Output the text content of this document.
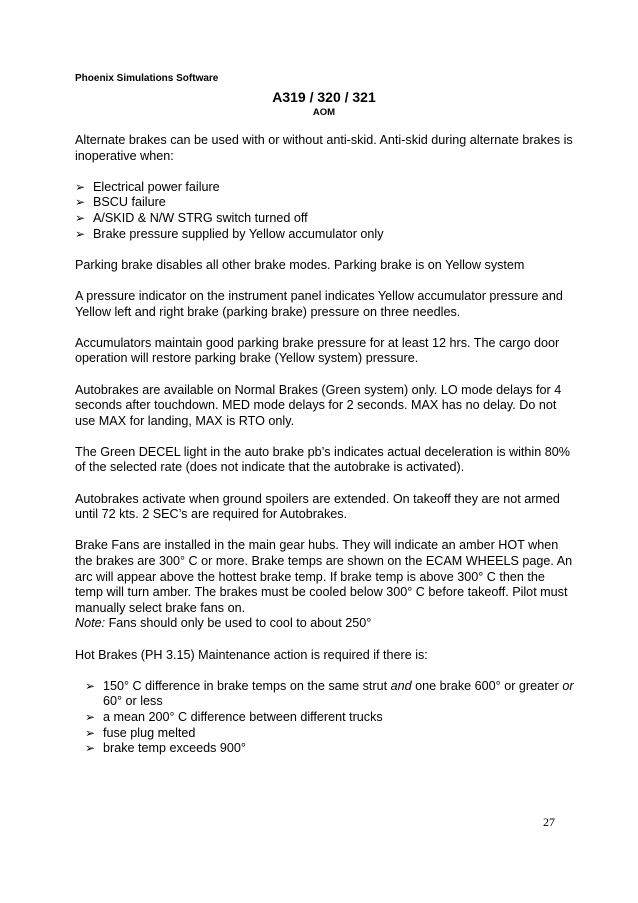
Phoenix Simulations Software
A319 / 320 / 321
AOM

Alternate brakes can be used with or without anti-skid. Anti-skid during alternate brakes is inoperative when:

➢ Electrical power failure
➢ BSCU failure
➢ A/SKID & N/W STRG switch turned off
➢ Brake pressure supplied by Yellow accumulator only

Parking brake disables all other brake modes. Parking brake is on Yellow system

A pressure indicator on the instrument panel indicates Yellow accumulator pressure and Yellow left and right brake (parking brake) pressure on three needles.

Accumulators maintain good parking brake pressure for at least 12 hrs. The cargo door operation will restore parking brake (Yellow system) pressure.

Autobrakes are available on Normal Brakes (Green system) only. LO mode delays for 4 seconds after touchdown. MED mode delays for 2 seconds. MAX has no delay. Do not use MAX for landing, MAX is RTO only.

The Green DECEL light in the auto brake pb’s indicates actual deceleration is within 80% of the selected rate (does not indicate that the autobrake is activated).

Autobrakes activate when ground spoilers are extended. On takeoff they are not armed until 72 kts. 2 SEC’s are required for Autobrakes.

Brake Fans are installed in the main gear hubs. They will indicate an amber HOT when the brakes are 300° C or more. Brake temps are shown on the ECAM WHEELS page. An arc will appear above the hottest brake temp. If brake temp is above 300° C then the temp will turn amber. The brakes must be cooled below 300° C before takeoff. Pilot must manually select brake fans on.
Note: Fans should only be used to cool to about 250°

Hot Brakes (PH 3.15) Maintenance action is required if there is:

➢ 150° C difference in brake temps on the same strut and one brake 600° or greater or 60° or less
➢ a mean 200° C difference between different trucks
➢ fuse plug melted
➢ brake temp exceeds 900°
27
